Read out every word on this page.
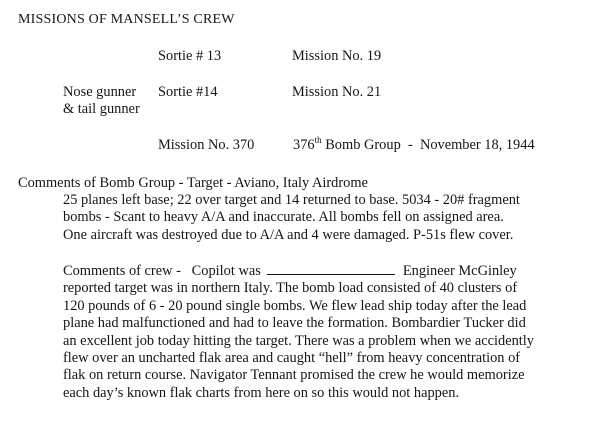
MISSIONS OF MANSELL’S CREW
Sortie # 13	Mission No. 19
Nose gunner
& tail gunner
Sortie #14	Mission No. 21
Mission No. 370	376th Bomb Group  -  November 18, 1944
Comments of Bomb Group - Target - Aviano, Italy Airdrome
25 planes left base; 22 over target and 14 returned to base. 5034 - 20# fragment
bombs - Scant to heavy A/A and inaccurate. All bombs fell on assigned area.
One aircraft was destroyed due to A/A and 4 were damaged. P-51s flew cover.
Comments of crew -   Copilot was	Engineer McGinley
reported target was in northern Italy. The bomb load consisted of 40 clusters of
120 pounds of 6 - 20 pound single bombs. We flew lead ship today after the lead
plane had malfunctioned and had to leave the formation. Bombardier Tucker did
an excellent job today hitting the target. There was a problem when we accidently
flew over an uncharted flak area and caught “hell” from heavy concentration of
flak on return course. Navigator Tennant promised the crew he would memorize
each day’s known flak charts from here on so this would not happen.
